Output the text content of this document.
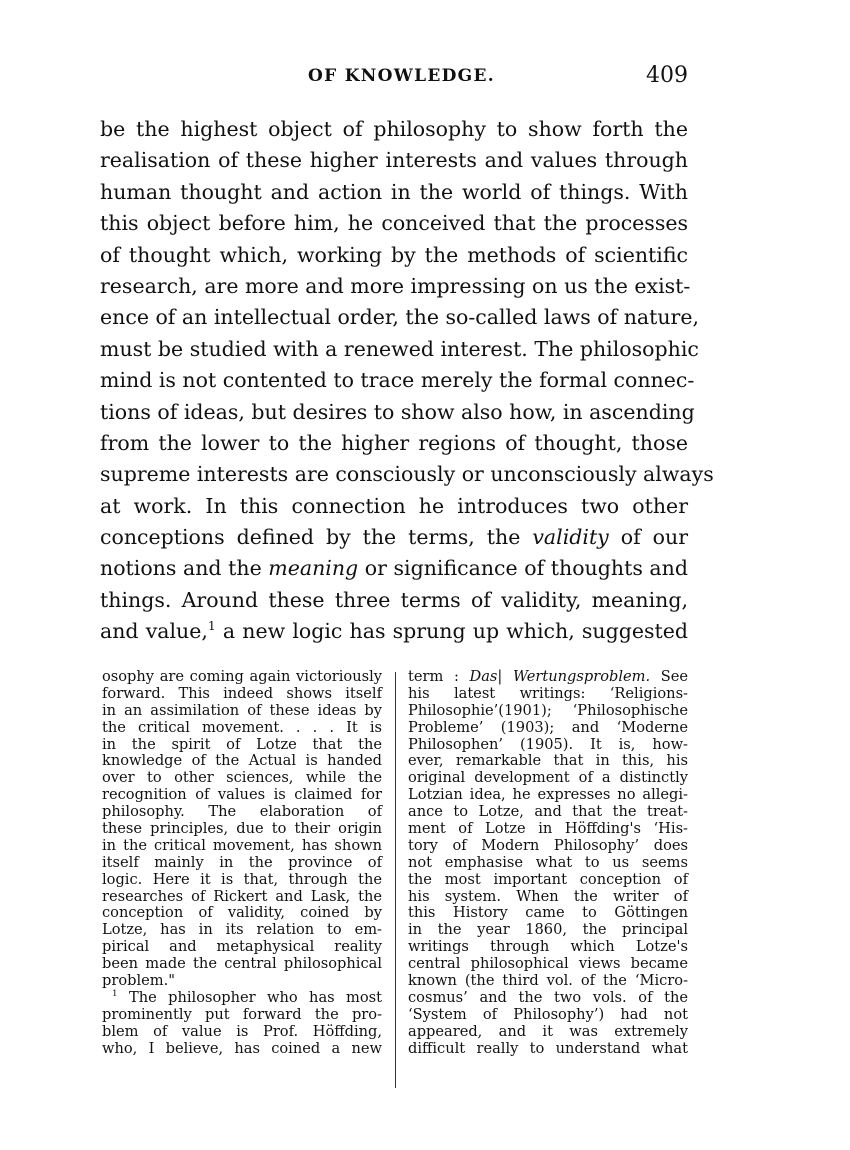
OF KNOWLEDGE.	409
be the highest object of philosophy to show forth the
realisation of these higher interests and values through
human thought and action in the world of things. With
this object before him, he conceived that the processes
of thought which, working by the methods of scientific
research, are more and more impressing on us the exist-
ence of an intellectual order, the so-called laws of nature,
must be studied with a renewed interest. The philosophic
mind is not contented to trace merely the formal connec-
tions of ideas, but desires to show also how, in ascending
from the lower to the higher regions of thought, those
supreme interests are consciously or unconsciously always
at work. In this connection he introduces two other
conceptions defined by the terms, the validity of our
notions and the meaning or significance of thoughts and
things. Around these three terms of validity, meaning,
and value,$^1$ a new logic has sprung up which, suggested
osophy are coming again victoriously
forward. This indeed shows itself
in an assimilation of these ideas by
the critical movement. . . . It is
in the spirit of Lotze that the
knowledge of the Actual is handed
over to other sciences, while the
recognition of values is claimed for
philosophy. The elaboration of
these principles, due to their origin
in the critical movement, has shown
itself mainly in the province of
logic. Here it is that, through the
researches of Rickert and Lask, the
conception of validity, coined by
Lotze, has in its relation to em-
pirical and metaphysical reality
been made the central philosophical
problem."
$^1$ The philosopher who has most
prominently put forward the pro-
blem of value is Prof. Höffding,
who, I believe, has coined a new
term : Das| Wertungsproblem. See
his latest writings: ‘Religions-
Philosophie’(1901); ‘Philosophische
Probleme’ (1903); and ‘Moderne
Philosophen’ (1905). It is, how-
ever, remarkable that in this, his
original development of a distinctly
Lotzian idea, he expresses no allegi-
ance to Lotze, and that the treat-
ment of Lotze in Höffding's ‘His-
tory of Modern Philosophy’ does
not emphasise what to us seems
the most important conception of
his system. When the writer of
this History came to Göttingen
in the year 1860, the principal
writings through which Lotze's
central philosophical views became
known (the third vol. of the ‘Micro-
cosmus’ and the two vols. of the
‘System of Philosophy’) had not
appeared, and it was extremely
difficult really to understand what
